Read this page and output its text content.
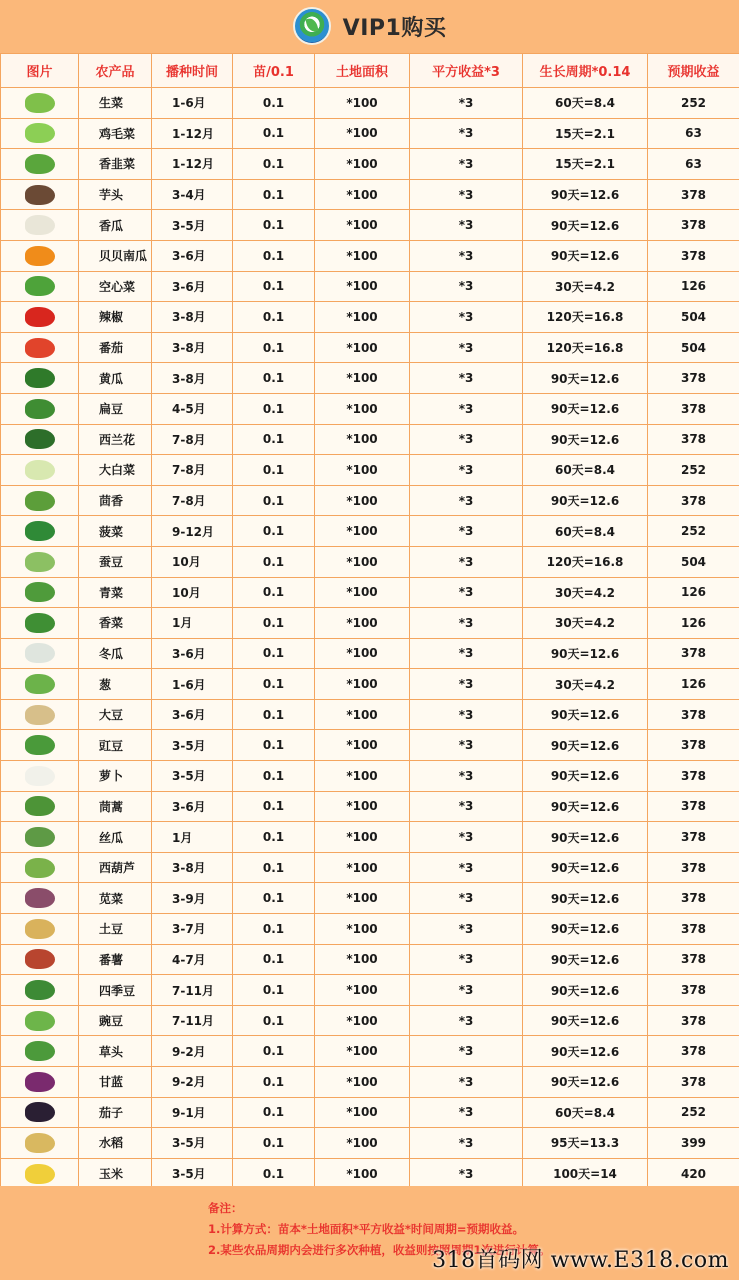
VIP1购买
图片	农产品	播种时间	苗/0.1	土地面积	平方收益*3	生长周期*0.14	预期收益
	生菜	1-6月	0.1	*100	*3	60天=8.4	252
	鸡毛菜	1-12月	0.1	*100	*3	15天=2.1	63
	香韭菜	1-12月	0.1	*100	*3	15天=2.1	63
	芋头	3-4月	0.1	*100	*3	90天=12.6	378
	香瓜	3-5月	0.1	*100	*3	90天=12.6	378
	贝贝南瓜	3-6月	0.1	*100	*3	90天=12.6	378
	空心菜	3-6月	0.1	*100	*3	30天=4.2	126
	辣椒	3-8月	0.1	*100	*3	120天=16.8	504
	番茄	3-8月	0.1	*100	*3	120天=16.8	504
	黄瓜	3-8月	0.1	*100	*3	90天=12.6	378
	扁豆	4-5月	0.1	*100	*3	90天=12.6	378
	西兰花	7-8月	0.1	*100	*3	90天=12.6	378
	大白菜	7-8月	0.1	*100	*3	60天=8.4	252
	茴香	7-8月	0.1	*100	*3	90天=12.6	378
	菠菜	9-12月	0.1	*100	*3	60天=8.4	252
	蚕豆	10月	0.1	*100	*3	120天=16.8	504
	青菜	10月	0.1	*100	*3	30天=4.2	126
	香菜	1月	0.1	*100	*3	30天=4.2	126
	冬瓜	3-6月	0.1	*100	*3	90天=12.6	378
	葱	1-6月	0.1	*100	*3	30天=4.2	126
	大豆	3-6月	0.1	*100	*3	90天=12.6	378
	豇豆	3-5月	0.1	*100	*3	90天=12.6	378
	萝卜	3-5月	0.1	*100	*3	90天=12.6	378
	茼蒿	3-6月	0.1	*100	*3	90天=12.6	378
	丝瓜	1月	0.1	*100	*3	90天=12.6	378
	西葫芦	3-8月	0.1	*100	*3	90天=12.6	378
	苋菜	3-9月	0.1	*100	*3	90天=12.6	378
	土豆	3-7月	0.1	*100	*3	90天=12.6	378
	番薯	4-7月	0.1	*100	*3	90天=12.6	378
	四季豆	7-11月	0.1	*100	*3	90天=12.6	378
	豌豆	7-11月	0.1	*100	*3	90天=12.6	378
	草头	9-2月	0.1	*100	*3	90天=12.6	378
	甘蓝	9-2月	0.1	*100	*3	90天=12.6	378
	茄子	9-1月	0.1	*100	*3	60天=8.4	252
	水稻	3-5月	0.1	*100	*3	95天=13.3	399
	玉米	3-5月	0.1	*100	*3	100天=14	420
备注：
1.计算方式：苗本*土地面积*平方收益*时间周期=预期收益。
2.某些农品周期内会进行多次种植，收益则按照周期1次进行计算。
318首码网 www.E318.com
